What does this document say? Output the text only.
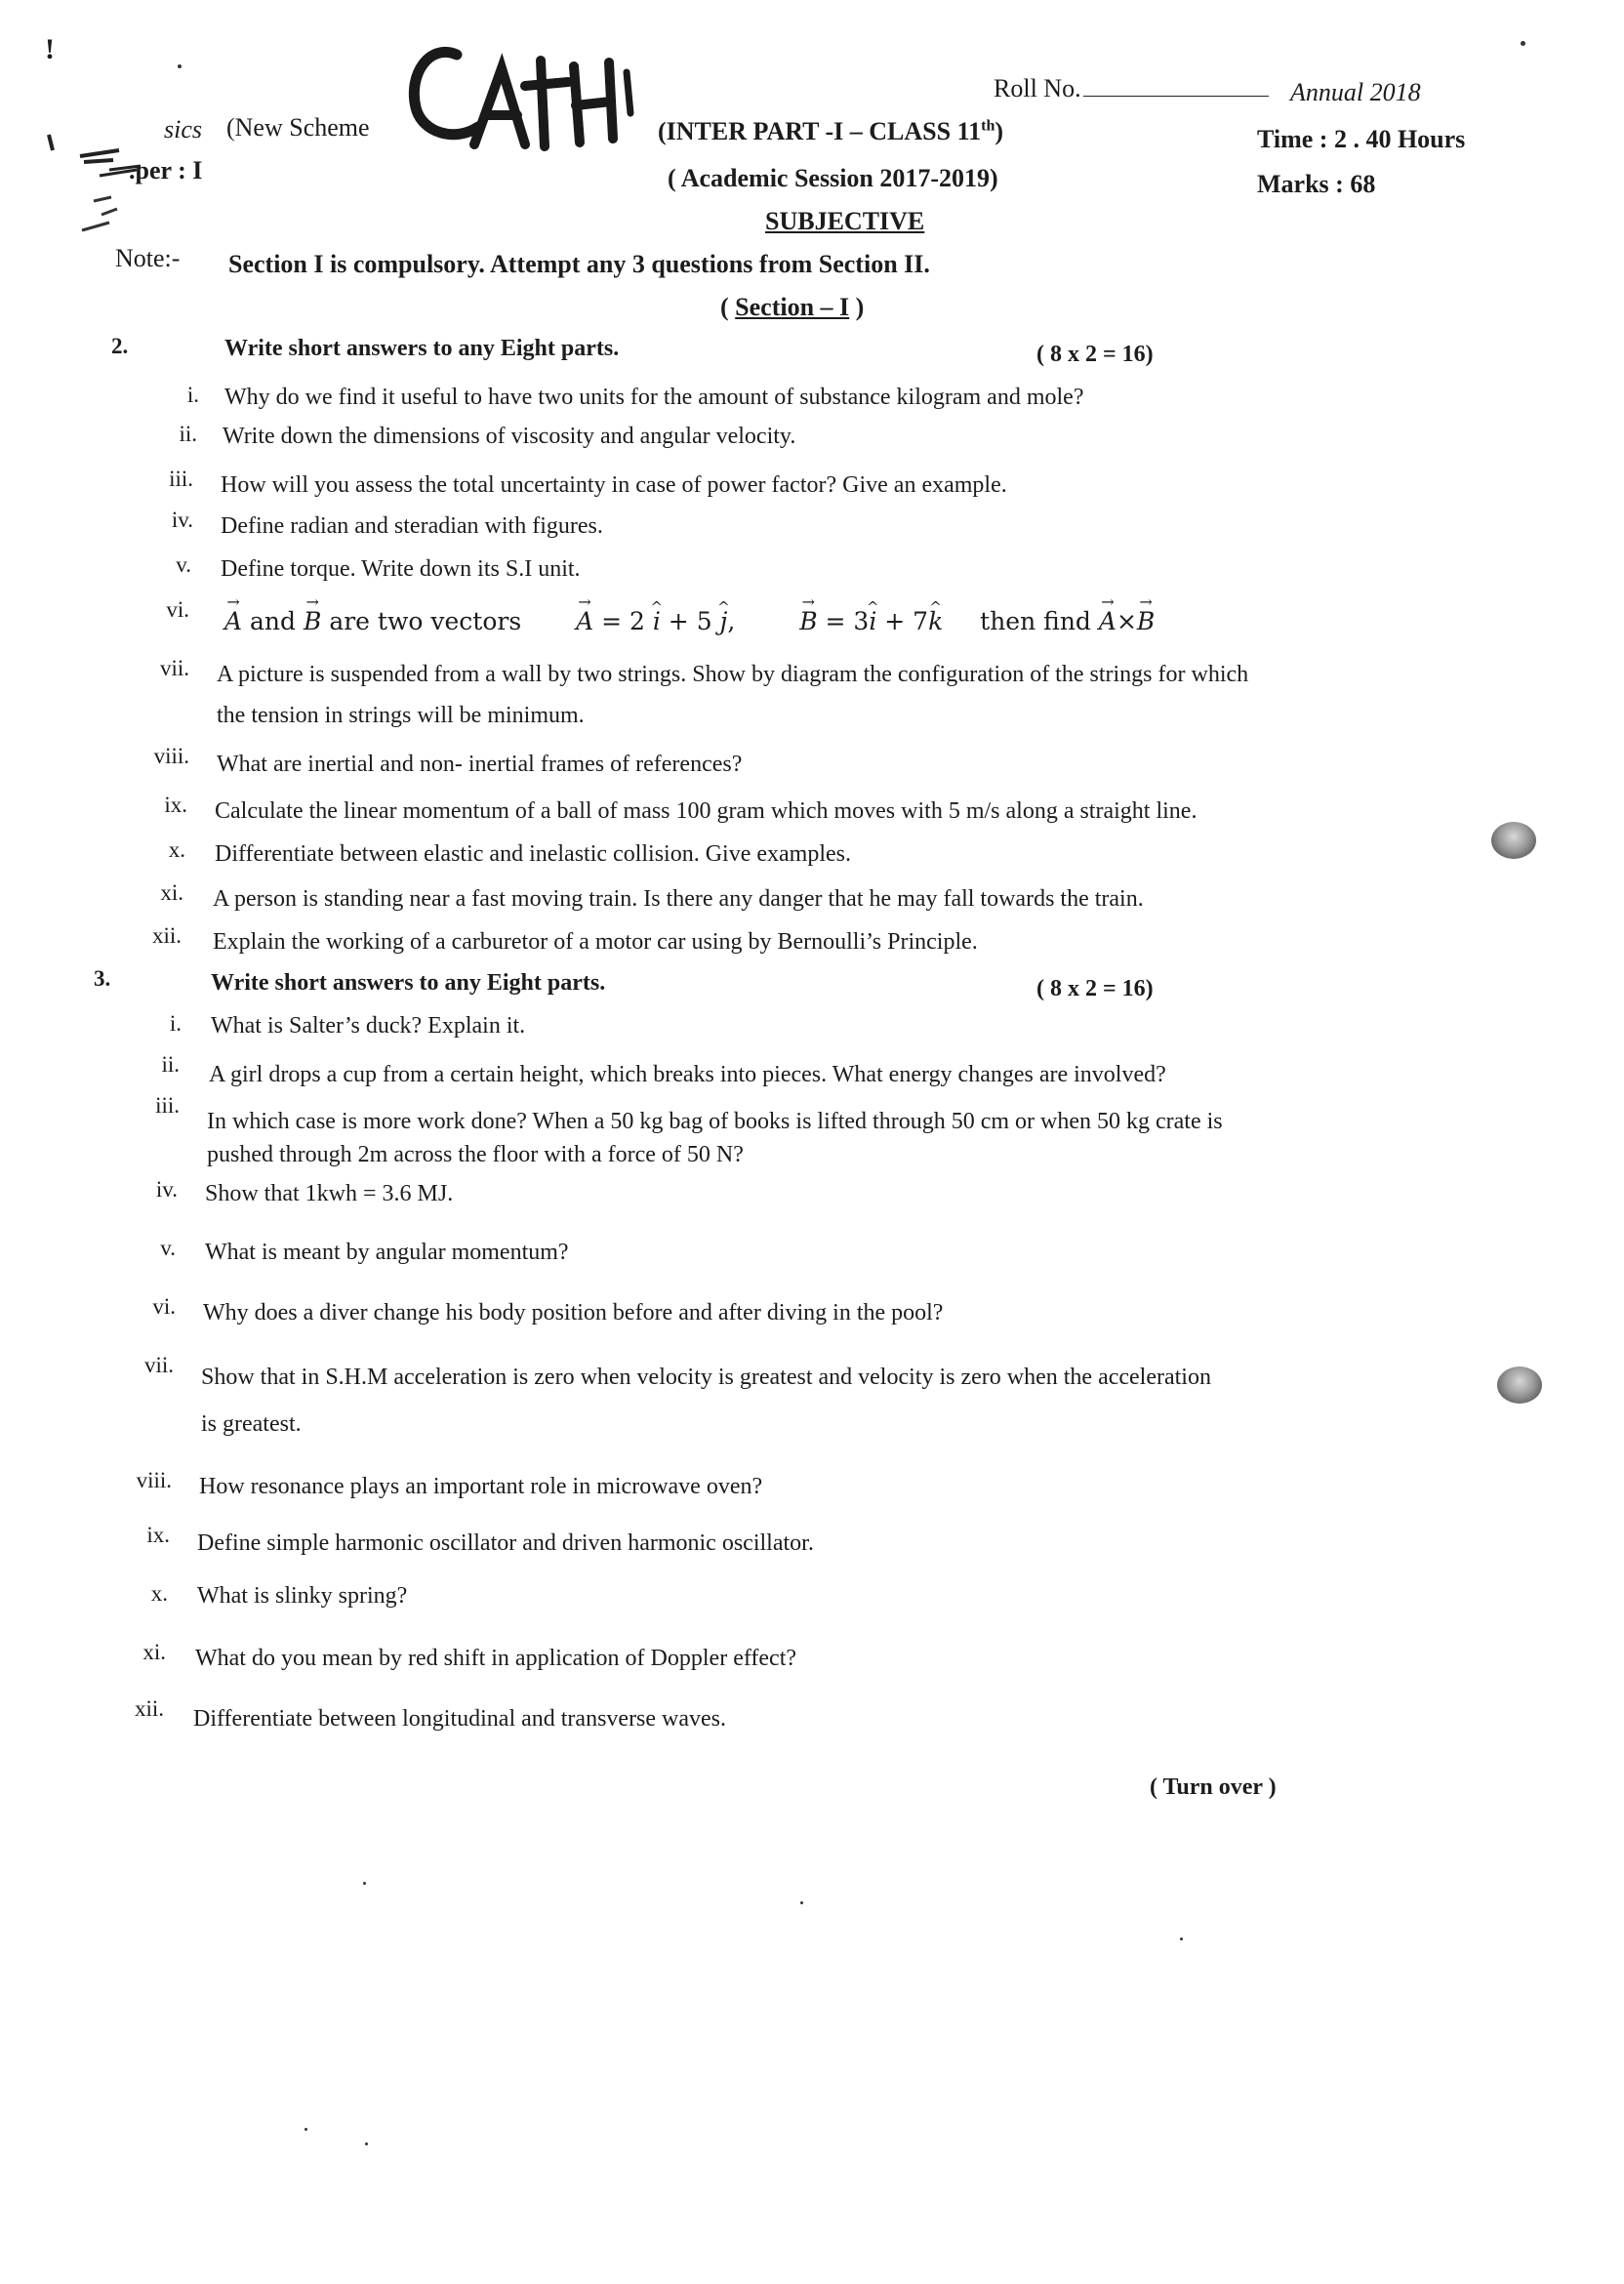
!
sics (New Scheme
.per : I
Roll No.	Annual 2018
(INTER PART -I – CLASS 11th)	Time : 2 . 40 Hours
( Academic Session 2017-2019)	Marks : 68
SUBJECTIVE
Note:- Section I is compulsory. Attempt any 3 questions from Section II.
( Section – I )
2.	Write short answers to any Eight parts.	( 8 x 2 = 16)
i. Why do we find it useful to have two units for the amount of substance kilogram and mole?
ii. Write down the dimensions of viscosity and angular velocity.
iii. How will you assess the total uncertainty in case of power factor? Give an example.
iv. Define radian and steradian with figures.
v. Define torque. Write down its S.I unit.
vi. → A and → B are two vectors → A = 2 ^ i + 5 ^ j,	→ B = 3^ i + 7^ k then find → A×→ B
vii. A picture is suspended from a wall by two strings. Show by diagram the configuration of the strings for which
the tension in strings will be minimum.
viii. What are inertial and non- inertial frames of references?
ix. Calculate the linear momentum of a ball of mass 100 gram which moves with 5 m/s along a straight line.
x. Differentiate between elastic and inelastic collision. Give examples.
xi. A person is standing near a fast moving train. Is there any danger that he may fall towards the train.
xii. Explain the working of a carburetor of a motor car using by Bernoulli’s Principle.
3.	Write short answers to any Eight parts.	( 8 x 2 = 16)
i. What is Salter’s duck? Explain it.
ii. A girl drops a cup from a certain height, which breaks into pieces. What energy changes are involved?
iii.
In which case is more work done? When a 50 kg bag of books is lifted through 50 cm or when 50 kg crate is
pushed through 2m across the floor with a force of 50 N?
iv. Show that 1kwh = 3.6 MJ.
v. What is meant by angular momentum?
vi. Why does a diver change his body position before and after diving in the pool?
vii. Show that in S.H.M acceleration is zero when velocity is greatest and velocity is zero when the acceleration
is greatest.
viii. How resonance plays an important role in microwave oven?
ix. Define simple harmonic oscillator and driven harmonic oscillator.
x. What is slinky spring?
xi. What do you mean by red shift in application of Doppler effect?
xii. Differentiate between longitudinal and transverse waves.
( Turn over )
